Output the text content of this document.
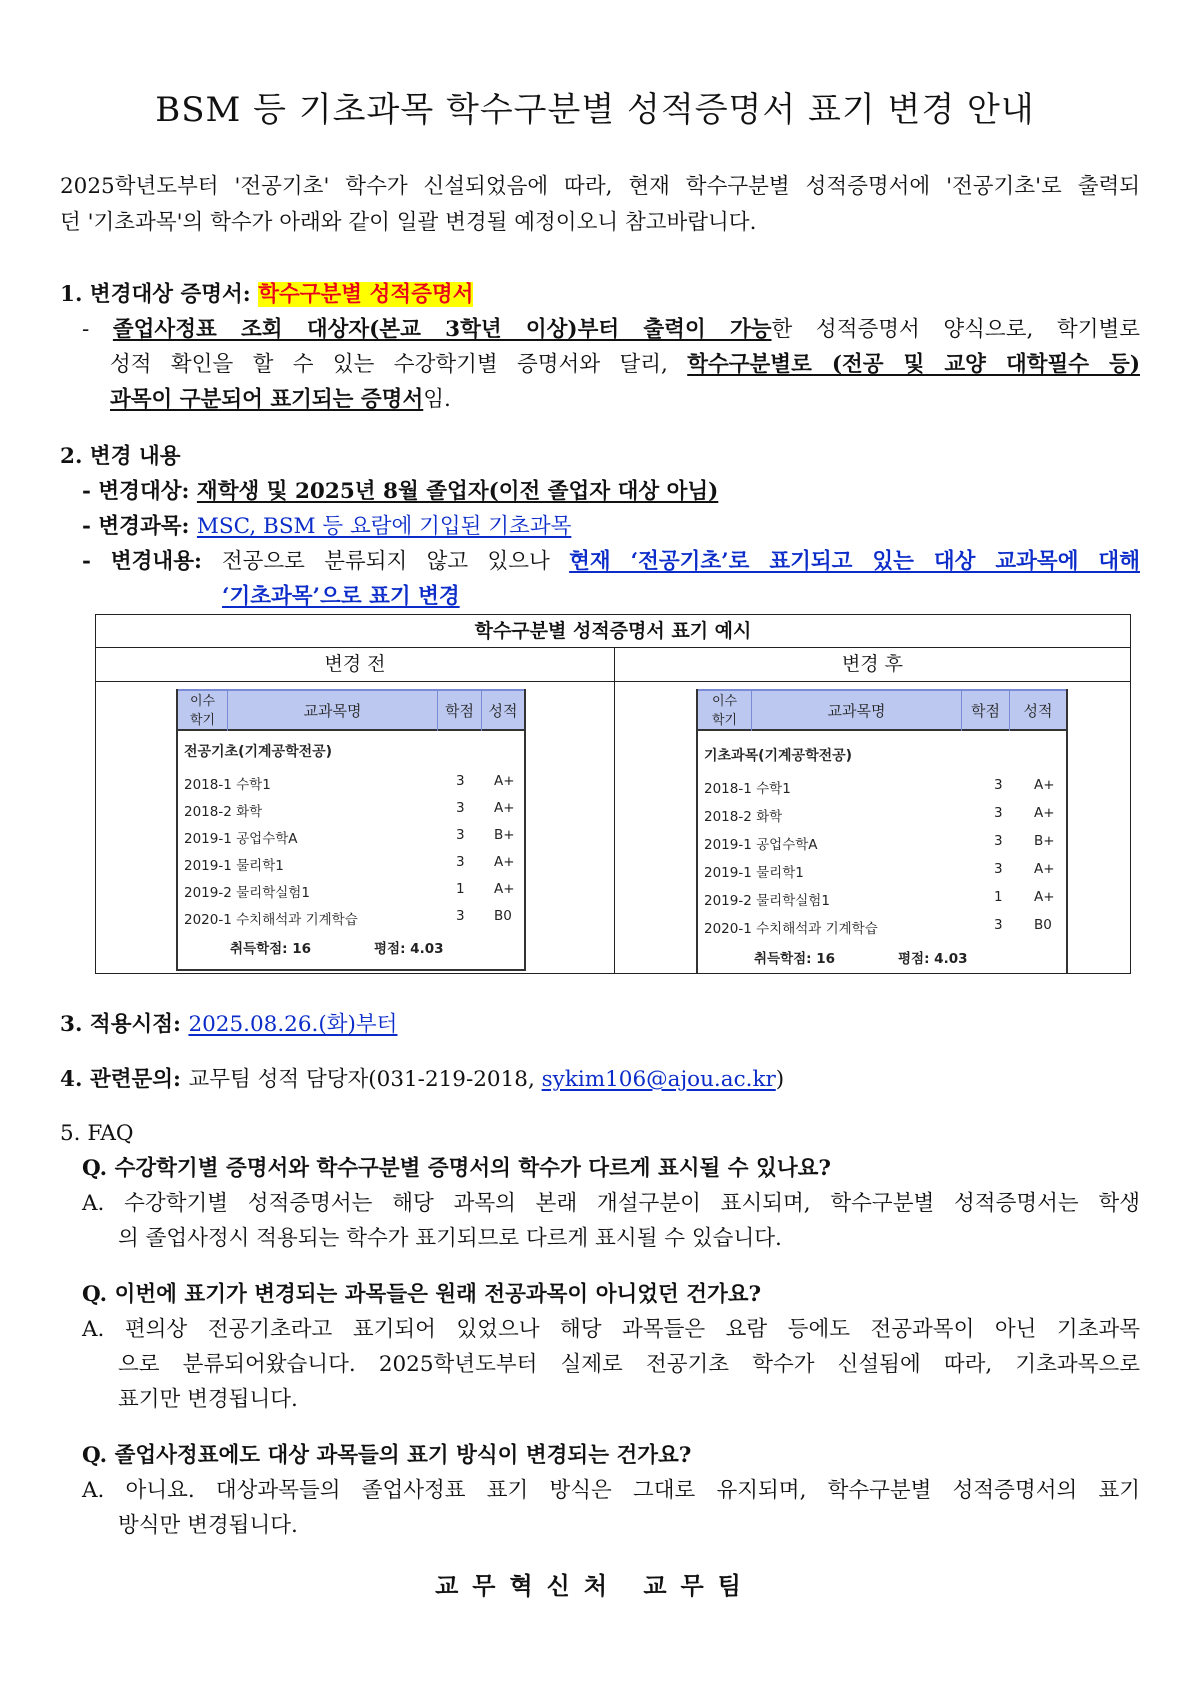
BSM 등 기초과목 학수구분별 성적증명서 표기 변경 안내
2025학년도부터 '전공기초' 학수가 신설되었음에 따라, 현재 학수구분별 성적증명서에 '전공기초'로 출력되
던 '기초과목'의 학수가 아래와 같이 일괄 변경될 예정이오니 참고바랍니다.
1. 변경대상 증명서: 학수구분별 성적증명서
- 졸업사정표 조회 대상자(본교 3학년 이상)부터 출력이 가능한 성적증명서 양식으로, 학기별로
성적 확인을 할 수 있는 수강학기별 증명서와 달리, 학수구분별로 (전공 및 교양 대학필수 등)
과목이 구분되어 표기되는 증명서임.
2. 변경 내용
- 변경대상: 재학생 및 2025년 8월 졸업자(이전 졸업자 대상 아님)
- 변경과목: MSC, BSM 등 요람에 기입된 기초과목
- 변경내용: 전공으로 분류되지 않고 있으나 현재 ‘전공기초’로 표기되고 있는 대상 교과목에 대해
‘기초과목’으로 표기 변경
학수구분별 성적증명서 표기 예시
변경 전	변경 후
이수
학기
교과목명	학점 성적
전공기초(기계공학전공)
2018-1 수학1	3 A+
2018-2 화학	3 A+
2019-1 공업수학A	3 B+
2019-1 물리학1	3 A+
2019-2 물리학실험1	1 A+
2020-1 수치해석과 기계학습	3 B0
취득학점: 16	평점: 4.03
이수
학기
교과목명	학점	성적
기초과목(기계공학전공)
2018-1 수학1	3 A+
2018-2 화학	3 A+
2019-1 공업수학A	3 B+
2019-1 물리학1	3 A+
2019-2 물리학실험1	1 A+
2020-1 수치해석과 기계학습	3 B0
취득학점: 16	평점: 4.03
3. 적용시점: 2025.08.26.(화)부터
4. 관련문의: 교무팀 성적 담당자(031-219-2018, sykim106@ajou.ac.kr)
5. FAQ
Q. 수강학기별 증명서와 학수구분별 증명서의 학수가 다르게 표시될 수 있나요?
A. 수강학기별 성적증명서는 해당 과목의 본래 개설구분이 표시되며, 학수구분별 성적증명서는 학생
의 졸업사정시 적용되는 학수가 표기되므로 다르게 표시될 수 있습니다.
Q. 이번에 표기가 변경되는 과목들은 원래 전공과목이 아니었던 건가요?
A. 편의상 전공기초라고 표기되어 있었으나 해당 과목들은 요람 등에도 전공과목이 아닌 기초과목
으로 분류되어왔습니다. 2025학년도부터 실제로 전공기초 학수가 신설됨에 따라, 기초과목으로
표기만 변경됩니다.
Q. 졸업사정표에도 대상 과목들의 표기 방식이 변경되는 건가요?
A. 아니요. 대상과목들의 졸업사정표 표기 방식은 그대로 유지되며, 학수구분별 성적증명서의 표기
방식만 변경됩니다.
교무혁신처 교무팀
